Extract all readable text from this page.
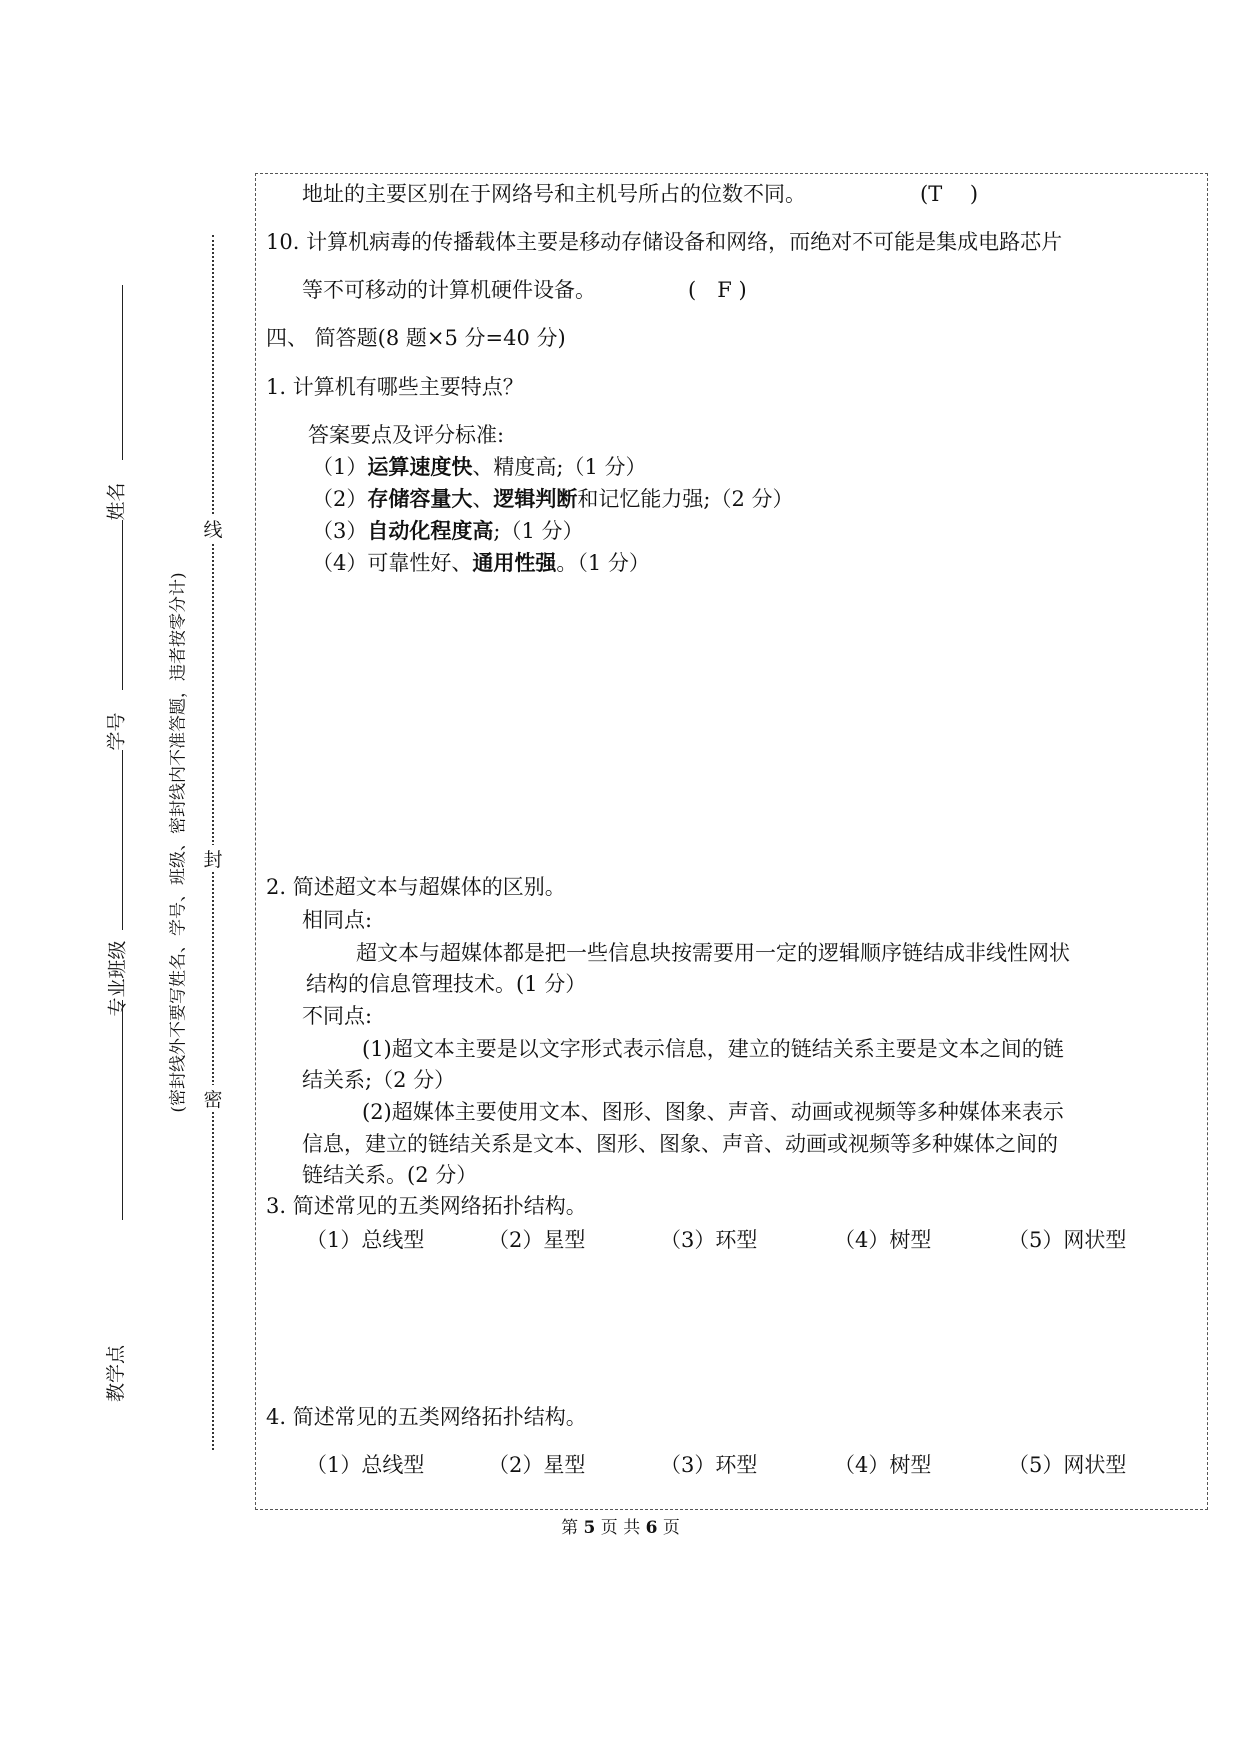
姓名
学号
专业班级
教学点
(密封线外不要写姓名、学号、班级、密封线内不准答题，违者按零分计)
线
封
密
地址的主要区别在于网络号和主机号所占的位数不同。	(T　 )
10. 计算机病毒的传播载体主要是移动存储设备和网络，而绝对不可能是集成电路芯片
等不可移动的计算机硬件设备。	(　F )
四、 简答题(8 题×5 分=40 分)
1. 计算机有哪些主要特点？
答案要点及评分标准:
（1）运算速度快、精度高;（1 分）
（2）存储容量大、逻辑判断和记忆能力强;（2 分）
（3）自动化程度高;（1 分）
（4）可靠性好、通用性强。（1 分）
2. 简述超文本与超媒体的区别。
相同点:
超文本与超媒体都是把一些信息块按需要用一定的逻辑顺序链结成非线性网状
结构的信息管理技术。(1 分）
不同点:
(1)超文本主要是以文字形式表示信息，建立的链结关系主要是文本之间的链
结关系;（2 分）
(2)超媒体主要使用文本、图形、图象、声音、动画或视频等多种媒体来表示
信息，建立的链结关系是文本、图形、图象、声音、动画或视频等多种媒体之间的
链结关系。(2 分）
3. 简述常见的五类网络拓扑结构。
（1）总线型	（2）星型	（3）环型	（4）树型	（5）网状型
4. 简述常见的五类网络拓扑结构。
（1）总线型	（2）星型	（3）环型	（4）树型	（5）网状型
第 5 页 共 6 页
